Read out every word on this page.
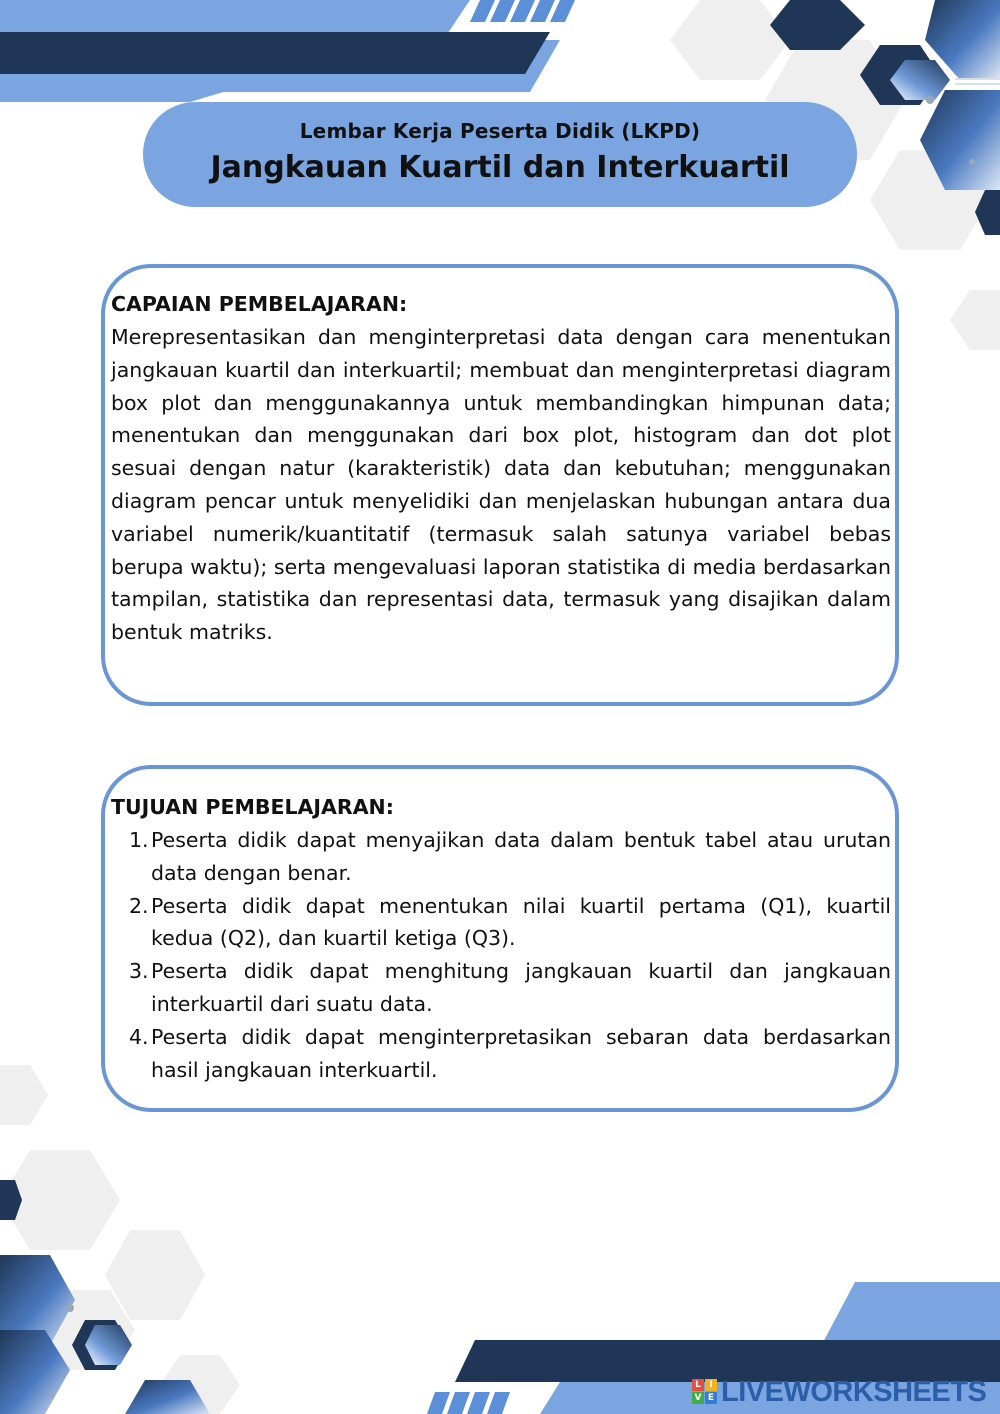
Lembar Kerja Peserta Didik (LKPD)
Jangkauan Kuartil dan Interkuartil
CAPAIAN PEMBELAJARAN:

Merepresentasikan dan menginterpretasi data dengan cara menentukan jangkauan kuartil dan interkuartil; membuat dan menginterpretasi diagram box plot dan menggunakannya untuk membandingkan himpunan data; menentukan dan menggunakan dari box plot, histogram dan dot plot sesuai dengan natur (karakteristik) data dan kebutuhan; menggunakan diagram pencar untuk menyelidiki dan menjelaskan hubungan antara dua variabel numerik/kuantitatif (termasuk salah satunya variabel bebas berupa waktu); serta mengevaluasi laporan statistika di media berdasarkan tampilan, statistika dan representasi data, termasuk yang disajikan dalam bentuk matriks.

TUJUAN PEMBELAJARAN:
1. Peserta didik dapat menyajikan data dalam bentuk tabel atau urutan data dengan benar.
2. Peserta didik dapat menentukan nilai kuartil pertama (Q1), kuartil kedua (Q2), dan kuartil ketiga (Q3).
3. Peserta didik dapat menghitung jangkauan kuartil dan jangkauan interkuartil dari suatu data.
4. Peserta didik dapat menginterpretasikan sebaran data berdasarkan hasil jangkauan interkuartil.
L I
V E LIVEWORKSHEETS
